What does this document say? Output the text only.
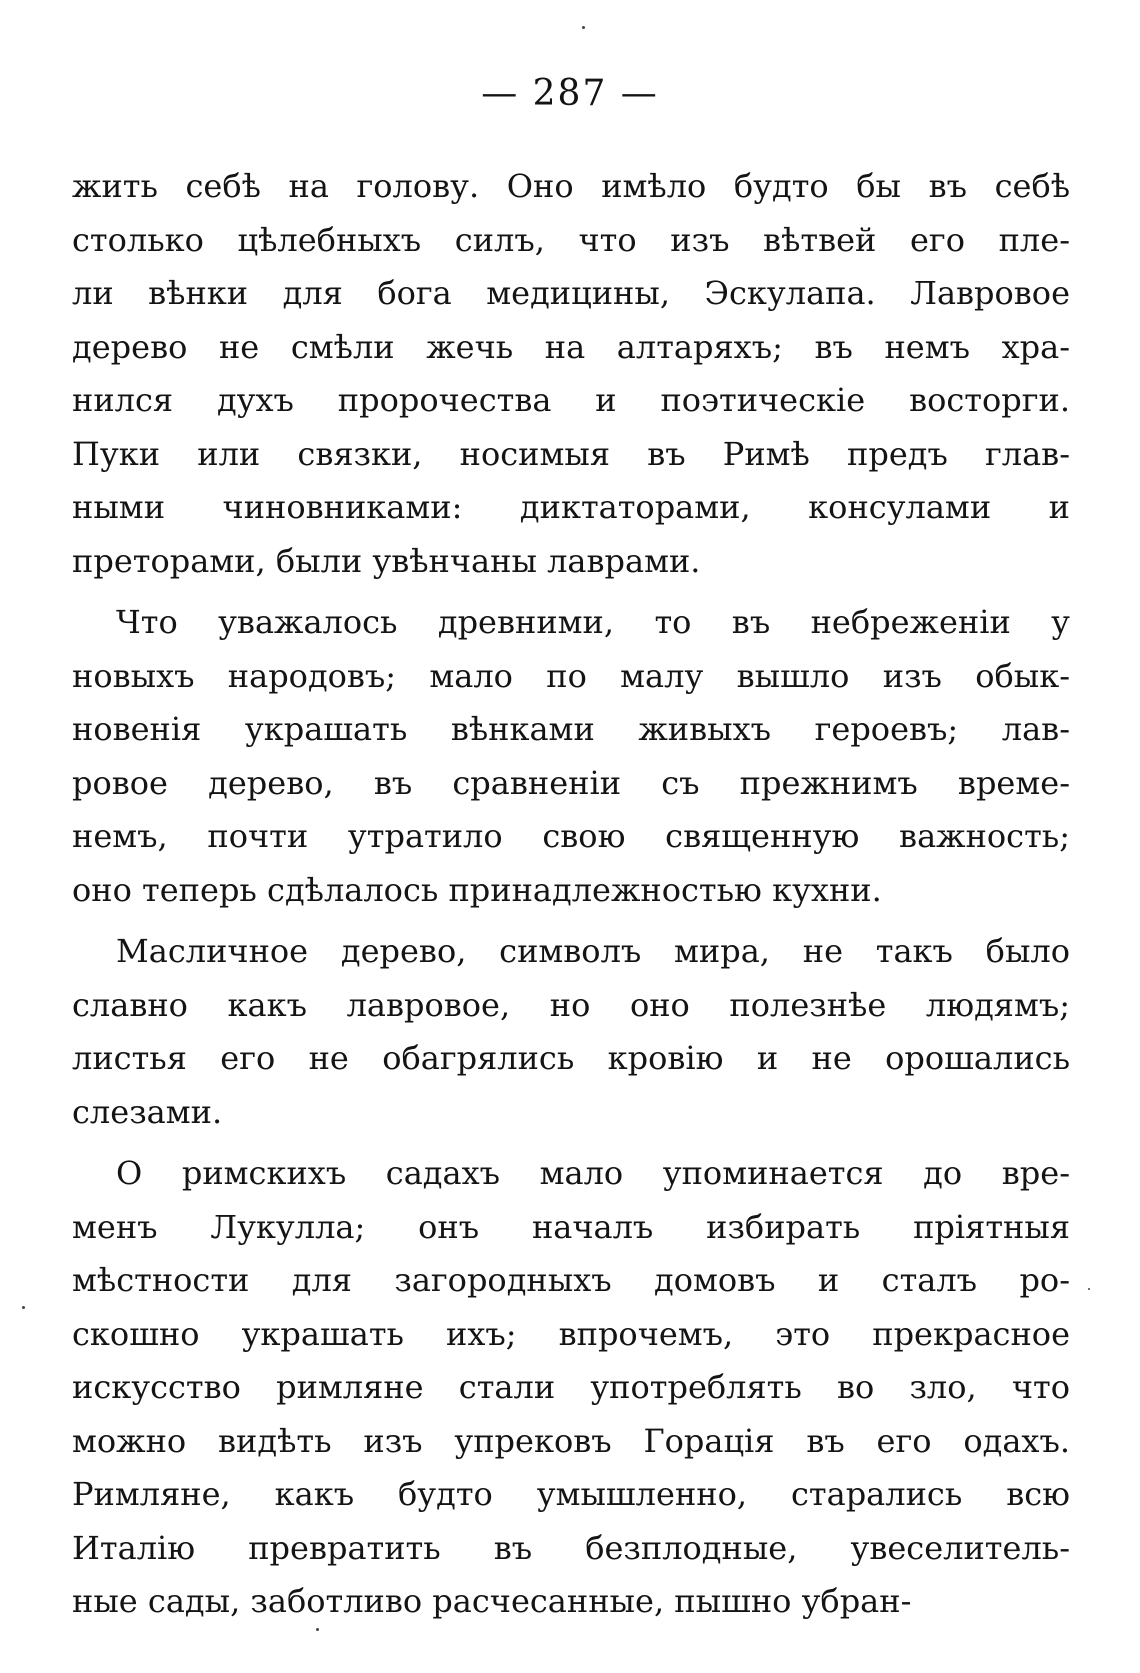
— 287 —
жить себѣ на голову. Оно имѣло будто бы въ себѣ
столько цѣлебныхъ силъ, что изъ вѣтвей его пле-
ли вѣнки для бога медицины, Эскулапа. Лавровое
дерево не смѣли жечь на алтаряхъ; въ немъ хра-
нился духъ пророчества и поэтическіе восторги.
Пуки или связки, носимыя въ Римѣ предъ глав-
ными чиновниками: диктаторами, консулами и
преторами, были увѣнчаны лаврами.
Что уважалось древними, то въ небреженіи у
новыхъ народовъ; мало по малу вышло изъ обык-
новенія украшать вѣнками живыхъ героевъ; лав-
ровое дерево, въ сравненіи съ прежнимъ време-
немъ, почти утратило свою священную важность;
оно теперь сдѣлалось принадлежностью кухни.
Масличное дерево, символъ мира, не такъ было
славно какъ лавровое, но оно полезнѣе людямъ;
листья его не обагрялись кровію и не орошались
слезами.
О римскихъ садахъ мало упоминается до вре-
менъ Лукулла; онъ началъ избирать пріятныя
мѣстности для загородныхъ домовъ и сталъ ро-
скошно украшать ихъ; впрочемъ, это прекрасное
искусство римляне стали употреблять во зло, что
можно видѣть изъ упрековъ Горація въ его одахъ.
Римляне, какъ будто умышленно, старались всю
Италію превратить въ безплодные, увеселитель-
ные сады, заботливо расчесанные, пышно убран-
